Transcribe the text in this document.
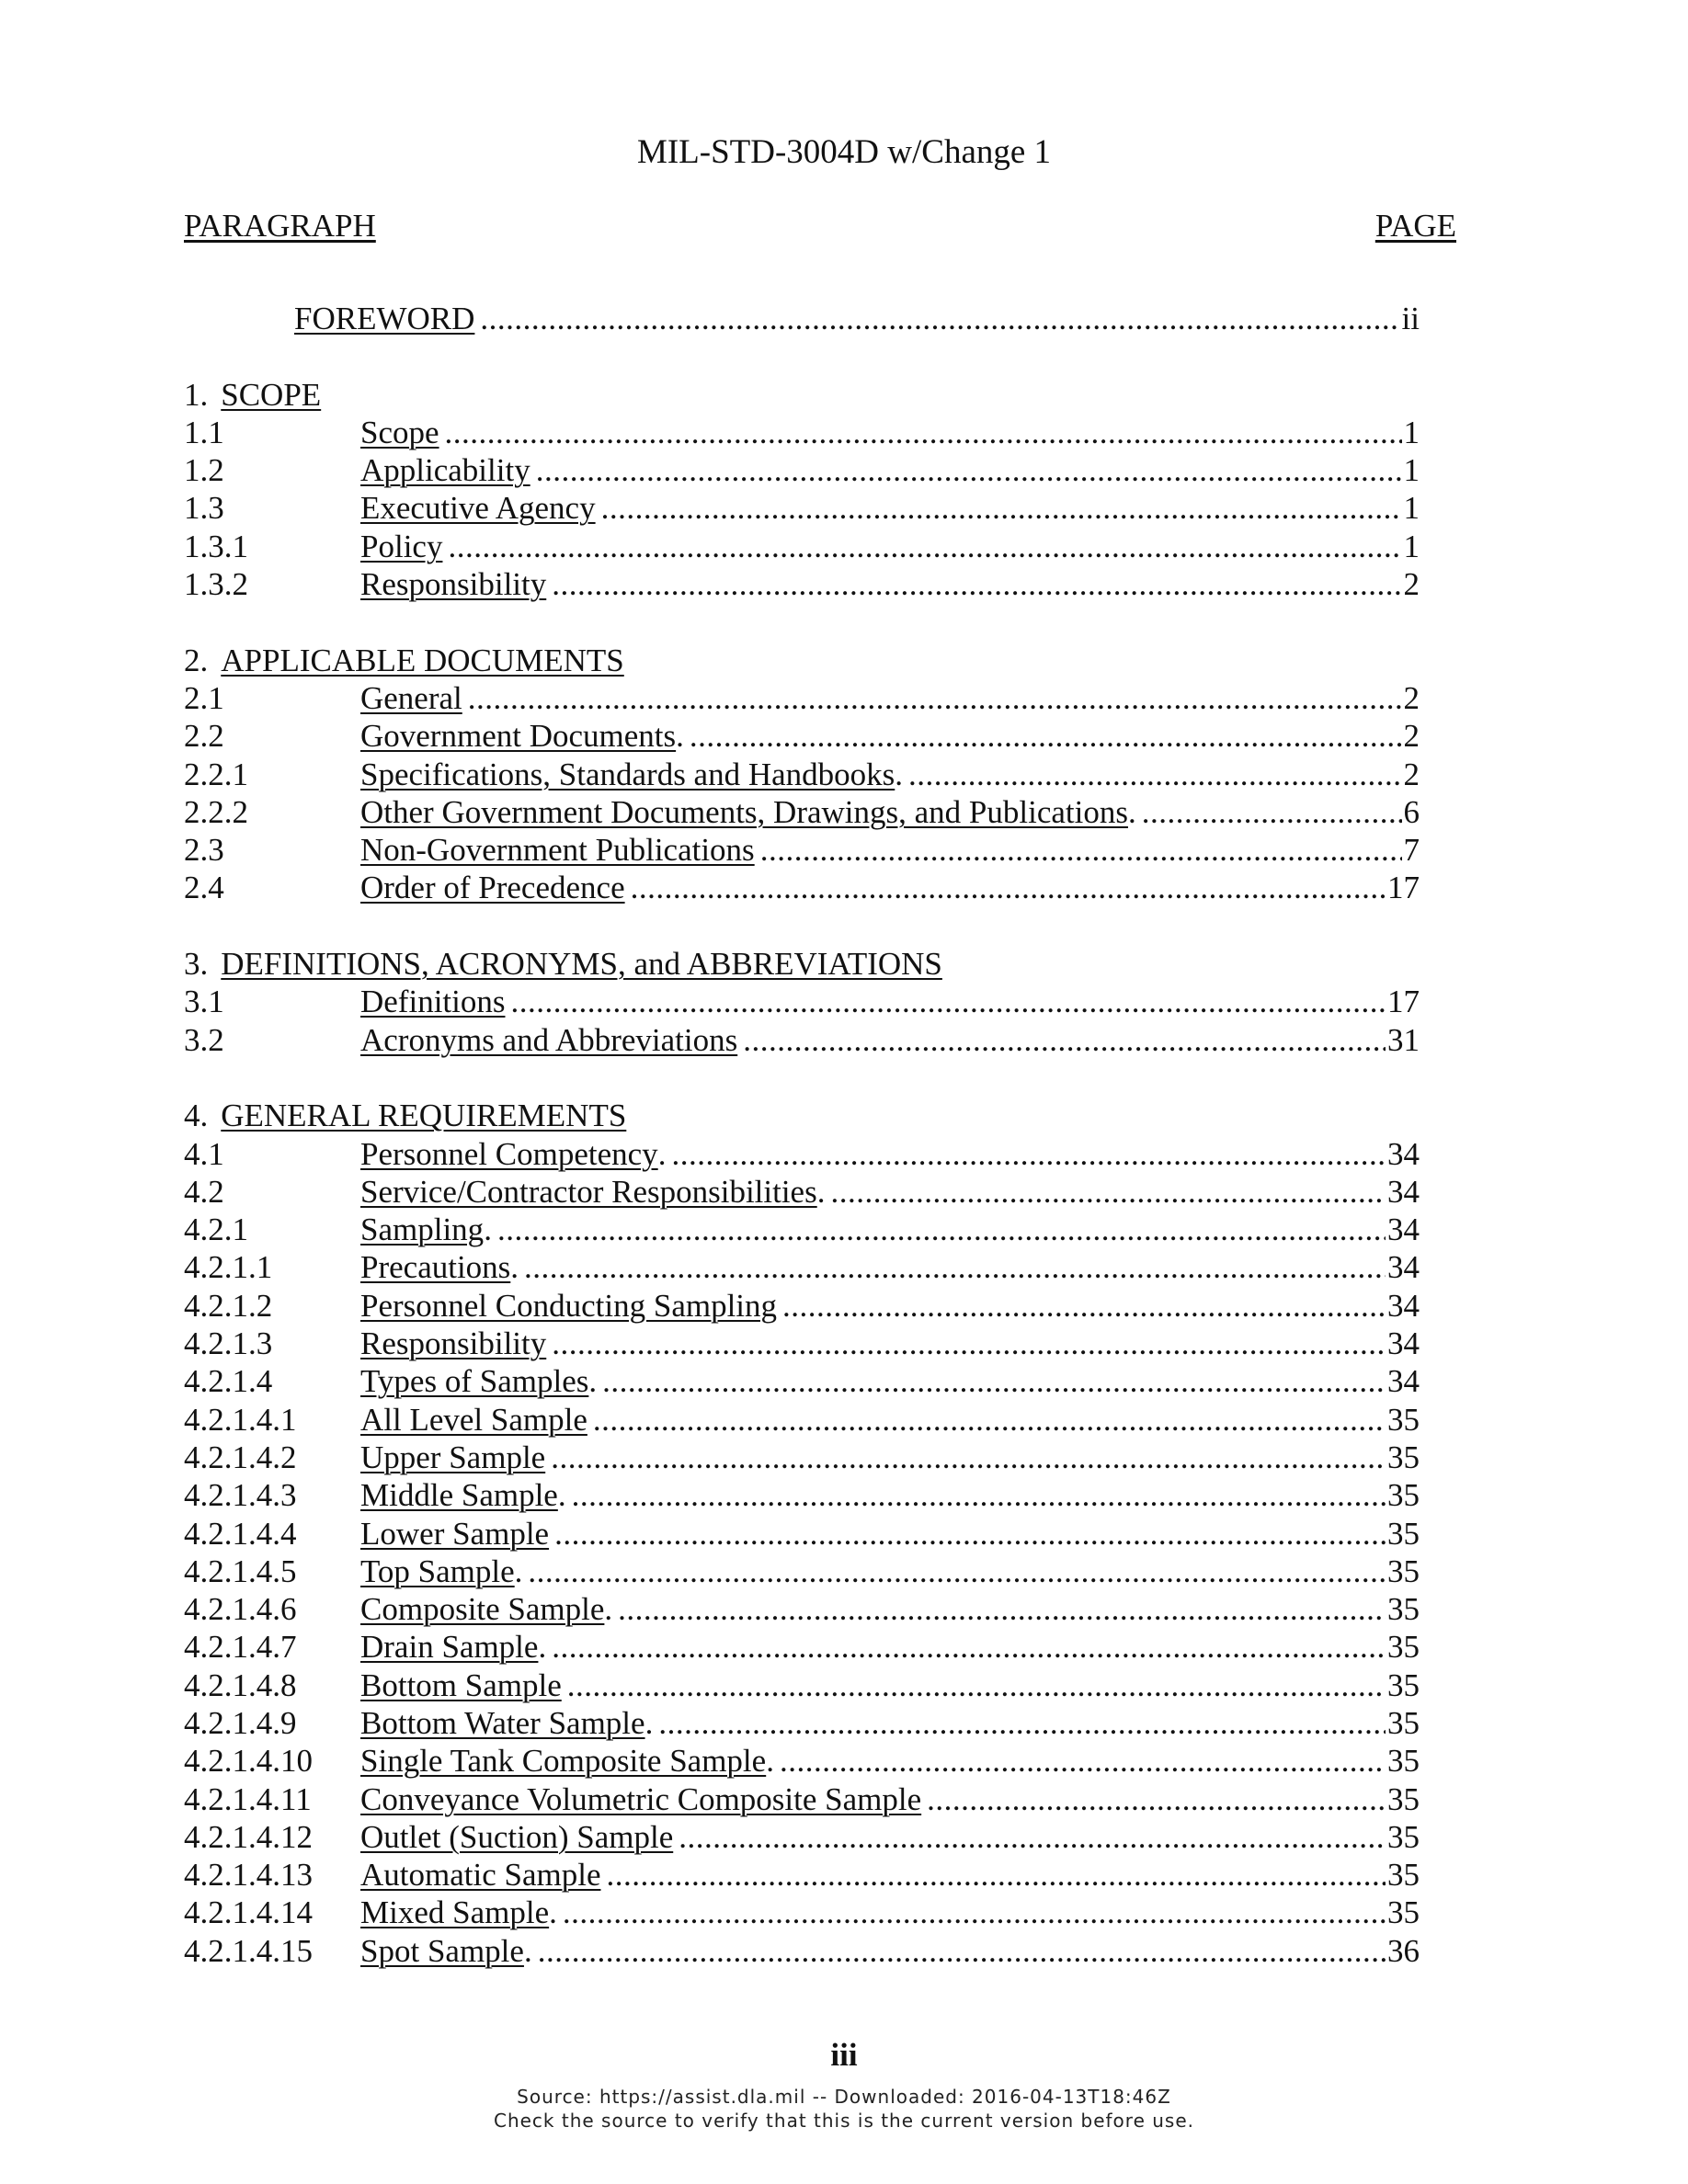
MIL-STD-3004D w/Change 1
PARAGRAPH	PAGE
FOREWORD .....	ii
1. SCOPE
1.1	Scope .....	1
1.2	Applicability .....	1
1.3	Executive Agency .....	1
1.3.1	Policy .....	1
1.3.2	Responsibility .....	2
2. APPLICABLE DOCUMENTS
2.1	General .....	2
2.2	Government Documents . .....	2
2.2.1	Specifications, Standards and Handbooks . .....	2
2.2.2	Other Government Documents, Drawings, and Publications . .....	6
2.3	Non-Government Publications .....	7
2.4	Order of Precedence .....	17
3. DEFINITIONS, ACRONYMS, and ABBREVIATIONS
3.1	Definitions .....	17
3.2	Acronyms and Abbreviations .....	31
4. GENERAL REQUIREMENTS
4.1	Personnel Competency . .....	34
4.2	Service/Contractor Responsibilities . .....	34
4.2.1	Sampling . .....	34
4.2.1.1	Precautions . .....	34
4.2.1.2	Personnel Conducting Sampling .....	34
4.2.1.3	Responsibility .....	34
4.2.1.4	Types of Samples . .....	34
4.2.1.4.1	All Level Sample .....	35
4.2.1.4.2	Upper Sample .....	35
4.2.1.4.3	Middle Sample . .....	35
4.2.1.4.4	Lower Sample .....	35
4.2.1.4.5	Top Sample . .....	35
4.2.1.4.6	Composite Sample . .....	35
4.2.1.4.7	Drain Sample . .....	35
4.2.1.4.8	Bottom Sample .....	35
4.2.1.4.9	Bottom Water Sample . .....	35
4.2.1.4.10	Single Tank Composite Sample . .....	35
4.2.1.4.11	Conveyance Volumetric Composite Sample .....	35
4.2.1.4.12	Outlet (Suction) Sample .....	35
4.2.1.4.13	Automatic Sample .....	35
4.2.1.4.14	Mixed Sample . .....	35
4.2.1.4.15	Spot Sample . .....	36
iii
Source: https://assist.dla.mil -- Downloaded: 2016-04-13T18:46Z
Check the source to verify that this is the current version before use.
